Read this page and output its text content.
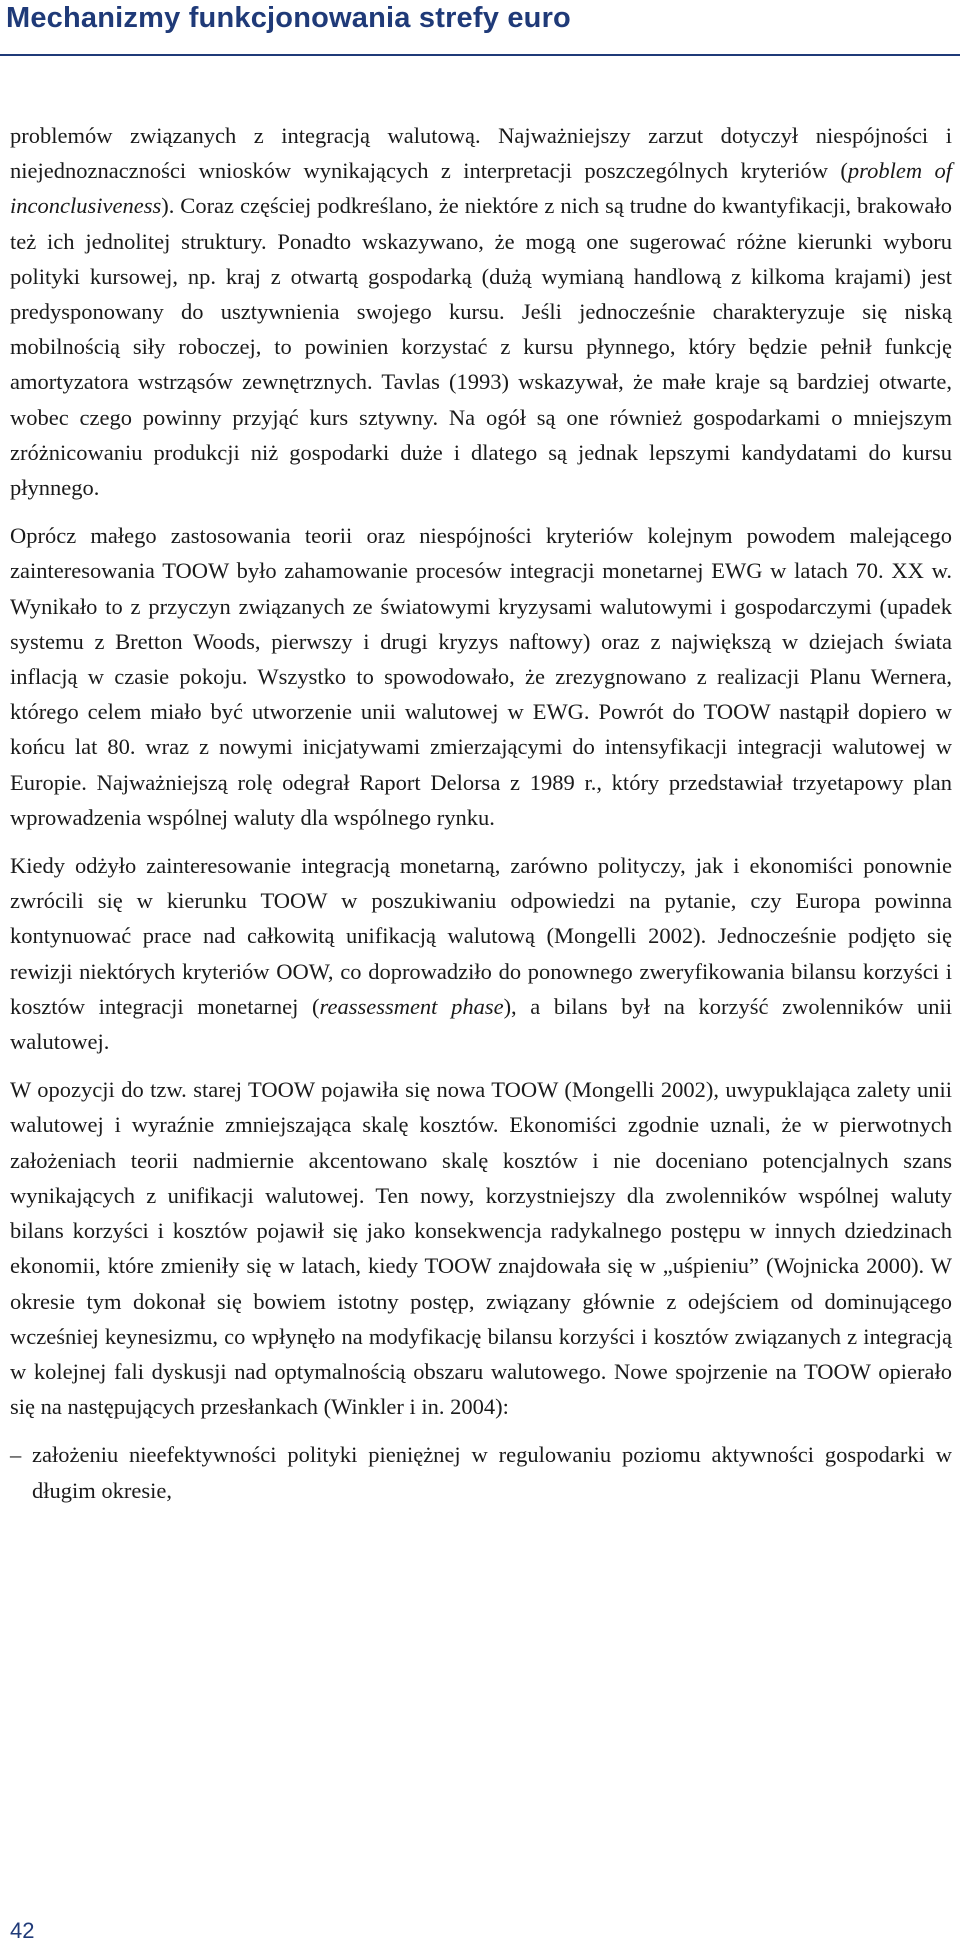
Mechanizmy funkcjonowania strefy euro

problemów związanych z integracją walutową. Najważniejszy zarzut dotyczył niespójności i niejednoznaczności wniosków wynikających z interpretacji poszczególnych kryteriów (problem of inconclusiveness). Coraz częściej podkreślano, że niektóre z nich są trudne do kwantyfikacji, brakowało też ich jednolitej struktury. Ponadto wskazywano, że mogą one sugerować różne kierunki wyboru polityki kursowej, np. kraj z otwartą gospodarką (dużą wymianą handlową z kilkoma krajami) jest predysponowany do usztywnienia swojego kursu. Jeśli jednocześnie charakteryzuje się niską mobilnością siły roboczej, to powinien korzystać z kursu płynnego, który będzie pełnił funkcję amortyzatora wstrząsów zewnętrznych. Tavlas (1993) wskazywał, że małe kraje są bardziej otwarte, wobec czego powinny przyjąć kurs sztywny. Na ogół są one również gospodarkami o mniejszym zróżnicowaniu produkcji niż gospodarki duże i dlatego są jednak lepszymi kandydatami do kursu płynnego.

Oprócz małego zastosowania teorii oraz niespójności kryteriów kolejnym powodem malejącego zainteresowania TOOW było zahamowanie procesów integracji monetarnej EWG w latach 70. XX w. Wynikało to z przyczyn związanych ze światowymi kryzysami walutowymi i gospodarczymi (upadek systemu z Bretton Woods, pierwszy i drugi kryzys naftowy) oraz z największą w dziejach świata inflacją w czasie pokoju. Wszystko to spowodowało, że zrezygnowano z realizacji Planu Wernera, którego celem miało być utworzenie unii walutowej w EWG. Powrót do TOOW nastąpił dopiero w końcu lat 80. wraz z nowymi inicjatywami zmierzającymi do intensyfikacji integracji walutowej w Europie. Najważniejszą rolę odegrał Raport Delorsa z 1989 r., który przedstawiał trzyetapowy plan wprowadzenia wspólnej waluty dla wspólnego rynku.

Kiedy odżyło zainteresowanie integracją monetarną, zarówno polityczy, jak i ekonomiści ponownie zwrócili się w kierunku TOOW w poszukiwaniu odpowiedzi na pytanie, czy Europa powinna kontynuować prace nad całkowitą unifikacją walutową (Mongelli 2002). Jednocześnie podjęto się rewizji niektórych kryteriów OOW, co doprowadziło do ponownego zweryfikowania bilansu korzyści i kosztów integracji monetarnej (reassessment phase), a bilans był na korzyść zwolenników unii walutowej.

W opozycji do tzw. starej TOOW pojawiła się nowa TOOW (Mongelli 2002), uwypuklająca zalety unii walutowej i wyraźnie zmniejszająca skalę kosztów. Ekonomiści zgodnie uznali, że w pierwotnych założeniach teorii nadmiernie akcentowano skalę kosztów i nie doceniano potencjalnych szans wynikających z unifikacji walutowej. Ten nowy, korzystniejszy dla zwolenników wspólnej waluty bilans korzyści i kosztów pojawił się jako konsekwencja radykalnego postępu w innych dziedzinach ekonomii, które zmieniły się w latach, kiedy TOOW znajdowała się w „uśpieniu” (Wojnicka 2000). W okresie tym dokonał się bowiem istotny postęp, związany głównie z odejściem od dominującego wcześniej keynesizmu, co wpłynęło na modyfikację bilansu korzyści i kosztów związanych z integracją w kolejnej fali dyskusji nad optymalnością obszaru walutowego. Nowe spojrzenie na TOOW opierało się na następujących przesłankach (Winkler i in. 2004):

– założeniu nieefektywności polityki pieniężnej w regulowaniu poziomu aktywności gospodarki w długim okresie,
42
